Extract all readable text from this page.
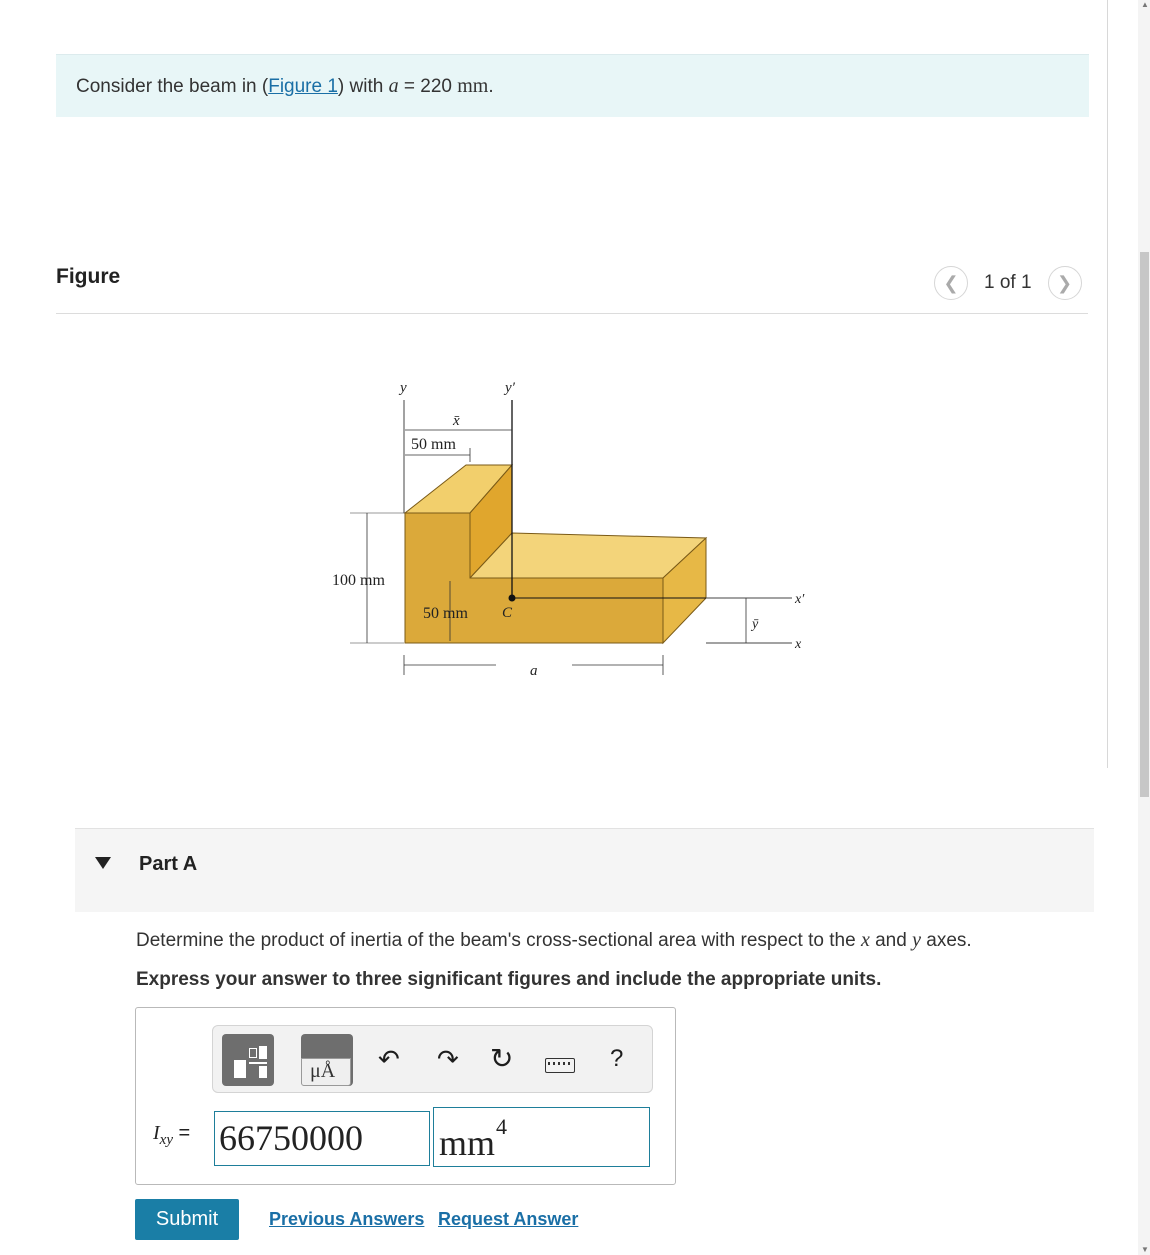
Consider the beam in (Figure 1) with a = 220 mm.
Figure	❮	1 of 1	❯
y	y′
x̄
50 mm
100 mm
50 mm C
a
ȳ
x′
x
Part A
Determine the product of inertia of the beam's cross-sectional area with respect to the x and y axes.
Express your answer to three significant figures and include the appropriate units.
μÅ ↶ ↷ ↻	?
$I_{xy} = 66750000$	mm 4
Submit	Previous Answers Request Answer
▲
▼
